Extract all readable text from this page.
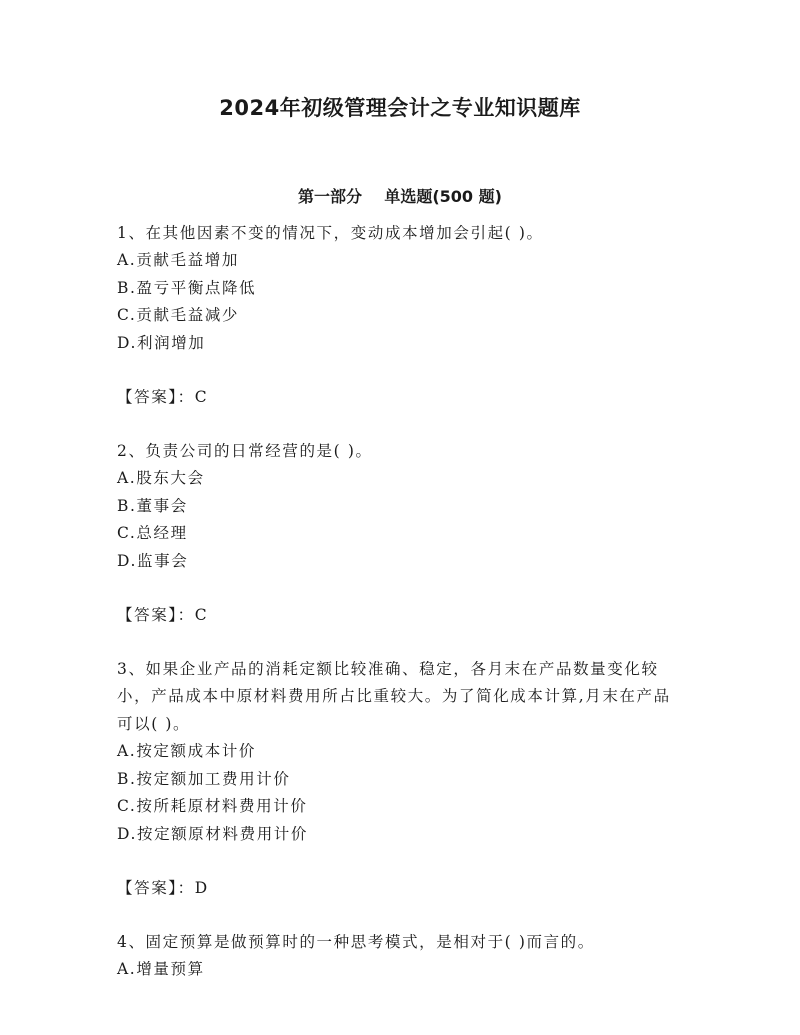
2024年初级管理会计之专业知识题库
第一部分    单选题(500 题)

1、在其他因素不变的情况下，变动成本增加会引起( )。

A.贡献毛益增加

B.盈亏平衡点降低

C.贡献毛益减少

D.利润增加

【答案】：C

2、负责公司的日常经营的是( )。

A.股东大会

B.董事会

C.总经理

D.监事会

【答案】：C

3、如果企业产品的消耗定额比较准确、稳定，各月末在产品数量变化较小，产品成本中原材料费用所占比重较大。为了简化成本计算,月末在产品可以( )。

A.按定额成本计价

B.按定额加工费用计价

C.按所耗原材料费用计价

D.按定额原材料费用计价

【答案】：D

4、固定预算是做预算时的一种思考模式，是相对于( )而言的。

A.增量预算
